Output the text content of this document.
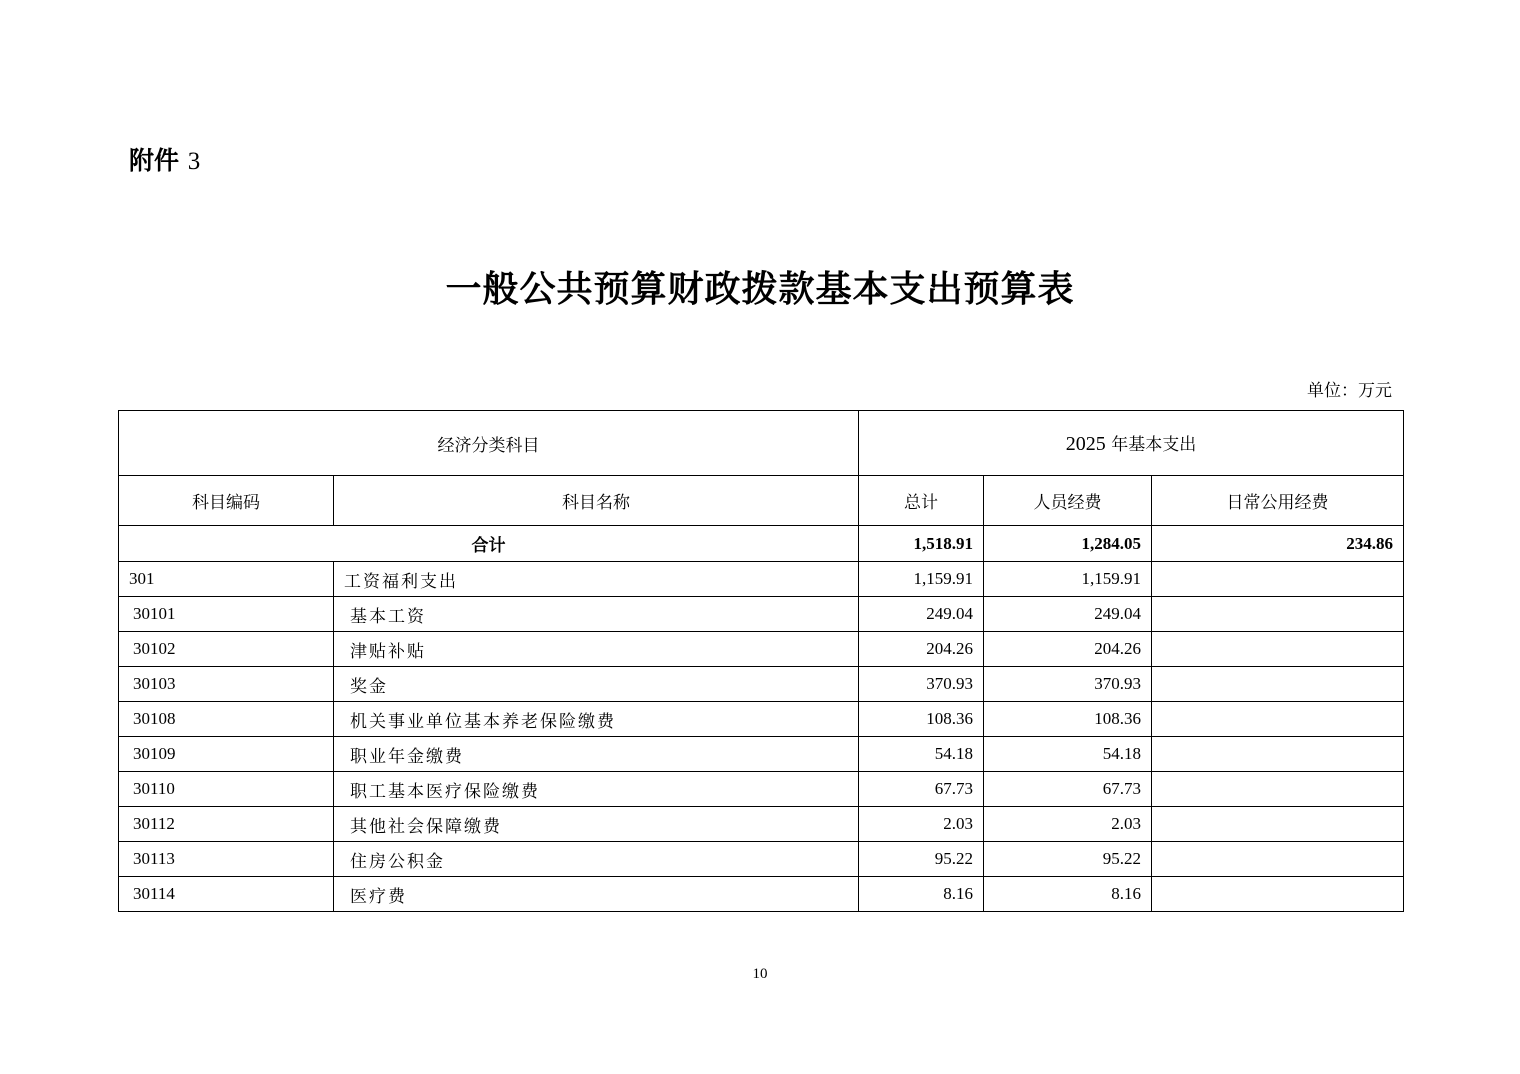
附件 3
一般公共预算财政拨款基本支出预算表
单位：万元
经济分类科目		2025 年基本支出		
科目编码	科目名称	总计	人员经费	日常公用经费
合计		1,518.91	1,284.05	234.86
301	工资福利支出	1,159.91	1,159.91	
30101	基本工资	249.04	249.04	
30102	津贴补贴	204.26	204.26	
30103	奖金	370.93	370.93	
30108	机关事业单位基本养老保险缴费	108.36	108.36	
30109	职业年金缴费	54.18	54.18	
30110	职工基本医疗保险缴费	67.73	67.73	
30112	其他社会保障缴费	2.03	2.03	
30113	住房公积金	95.22	95.22	
30114	医疗费	8.16	8.16	
10
